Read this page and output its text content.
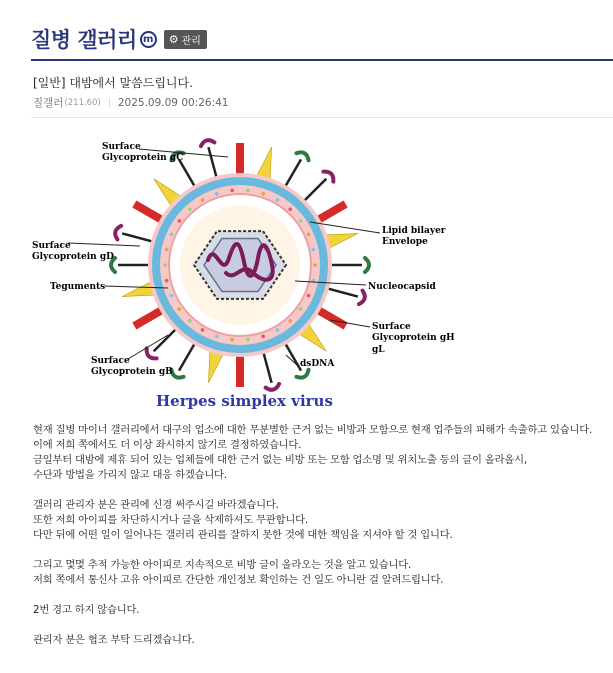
질병 갤러리 m ⚙ 관리
[일반] 대밤에서 말씀드립니다.
질갤러 (211.60) | 2025.09.09 00:26:41
Surface
Glycoprotein gC
Lipid bilayer
Envelope
Surface
Glycoprotein gD
Teguments	Nucleocapsid
Surface
Glycoprotein gH
gL
Surface
Glycoprotein gB
dsDNA
Herpes simplex virus

현재 질병 마이너 갤러리에서 대구의 업소에 대한 무분별한 근거 없는 비방과 모함으로 현재 업주들의 피해가 속출하고 있습니다.

이에 저희 쪽에서도 더 이상 좌시하지 않기로 결정하였습니다.

금일부터 대밤에 제휴 되어 있는 업체들에 대한 근거 없는 비방 또는 모함 업소명 및 위치노출 등의 글이 올라올시,

수단과 방법을 가리지 않고 대응 하겠습니다.

갤러리 관리자 분은 관리에 신경 써주시길 바라겠습니다.

또한 저희 아이피를 차단하시거나 글을 삭제하셔도 무관합니다.

다만 뒤에 어떤 일이 일어나든 갤러리 관리를 잘하지 못한 것에 대한 책임을 지셔야 할 것 입니다.

그리고 몇몇 추적 가능한 아이피로 지속적으로 비방 글이 올라오는 것을 알고 있습니다.

저희 쪽에서 통신사 고유 아이피로 간단한 개인정보 확인하는 건 일도 아니란 걸 알려드립니다.

2번 경고 하지 않습니다.

관리자 분은 협조 부탁 드리겠습니다.
